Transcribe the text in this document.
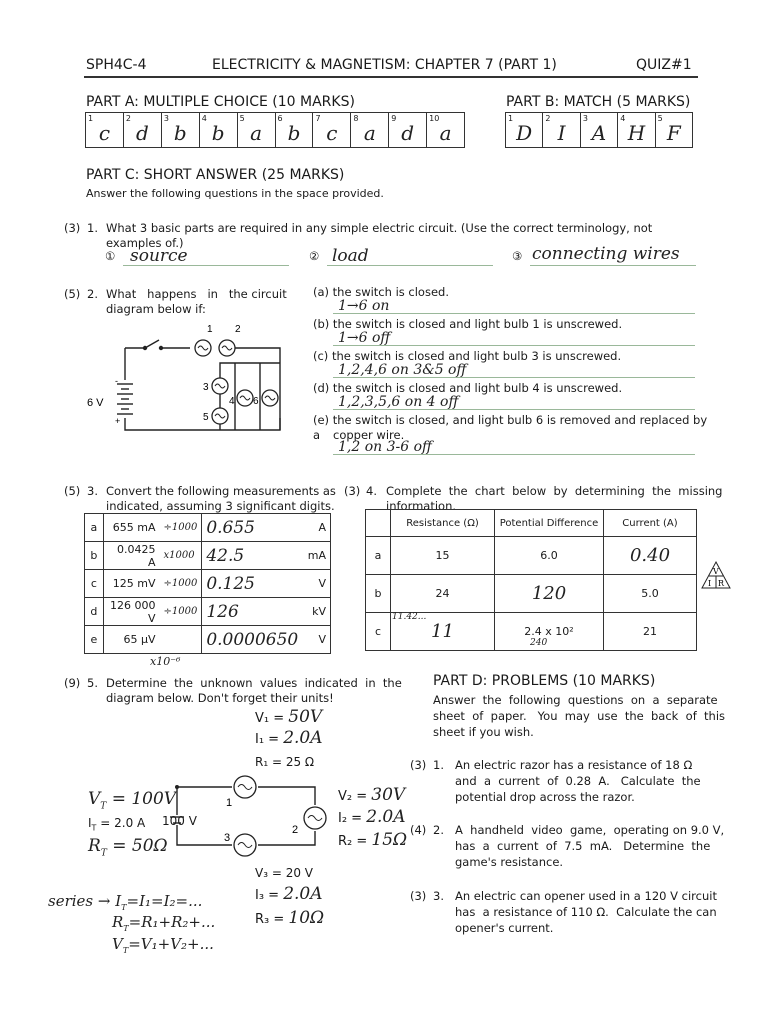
SPH4C-4	ELECTRICITY & MAGNETISM: CHAPTER 7 (PART 1)	QUIZ#1
PART A: MULTIPLE CHOICE (10 MARKS)
1
c
2
d
3
b
4
b
5
a
6
b
7
c
8
a
9
d
10
a
PART B: MATCH (5 MARKS)
1
D
2
I
3
A
4
H
5
F
PART C: SHORT ANSWER (25 MARKS)
Answer the following questions in the space provided.
(3) 1. What 3 basic parts are required in any simple electric circuit. (Use the correct terminology, not examples of.)
① source	② load	③ connecting wires
(5) 2. What   happens   in   the circuit
diagram below if:
(a) the switch is closed.
1→6 on
(b) the switch is closed and light bulb 1 is unscrewed.
1→6 off
(c) the switch is closed and light bulb 3 is unscrewed.
1,2,4,6 on 3&5 off
(d) the switch is closed and light bulb 4 is unscrewed.
1,2,3,5,6 on 4 off
(e) the switch is closed, and light bulb 6 is removed and replaced by a	copper wire.
1,2 on 3-6 off
6 V
-
+
1 2
3
4
5
6
(5) 3. Convert the following measurements as
indicated, assuming 3 significant digits.
a	655 mA	÷1000	0.655	A
b	0.0425 A	x1000	42.5	mA
c	125 mV	÷1000	0.125	V
d	126 000 V	÷1000	126	kV
e	65 μV		0.0000650	V
x10⁻⁶
(3) 4. Complete  the  chart  below  by  determining  the  missing
information.
	Resistance (Ω)	Potential Difference	Current (A)
a	15	6.0	0.40
b	24	120	5.0
c	11	2.4 x 10²	21
11.42...
240
V
I R
(9) 5. Determine  the  unknown  values  indicated  in  the
diagram below. Don't forget their units!
V₁ = 50V
I₁ = 2.0A
R₁ = 25 Ω
$V_T = 100V$
$I_T = 2.0$ A
$R_T = 50\Omega$
1
2
3
100 V
V₂ = 30V
I₂ = 2.0A
R₂ = 15Ω
V₃ = 20 V
I₃ = 2.0A
R₃ = 10Ω
series → $I_T=I_1=I_2=$...
$R_T=R_1+R_2+$...
$V_T=V_1+V_2+$...
PART D: PROBLEMS (10 MARKS)
Answer  the  following  questions  on  a  separate
sheet  of  paper.   You  may  use  the  back  of  this
sheet if you wish.
(3) 1. An electric razor has a resistance of 18 Ω
and  a  current  of  0.28  A.   Calculate  the
potential drop across the razor.
(4) 2. A  handheld  video  game,  operating on 9.0 V,
has  a  current  of  7.5  mA.   Determine  the
game's resistance.
(3) 3. An electric can opener used in a 120 V circuit
has  a resistance of 110 Ω.  Calculate the can
opener's current.
